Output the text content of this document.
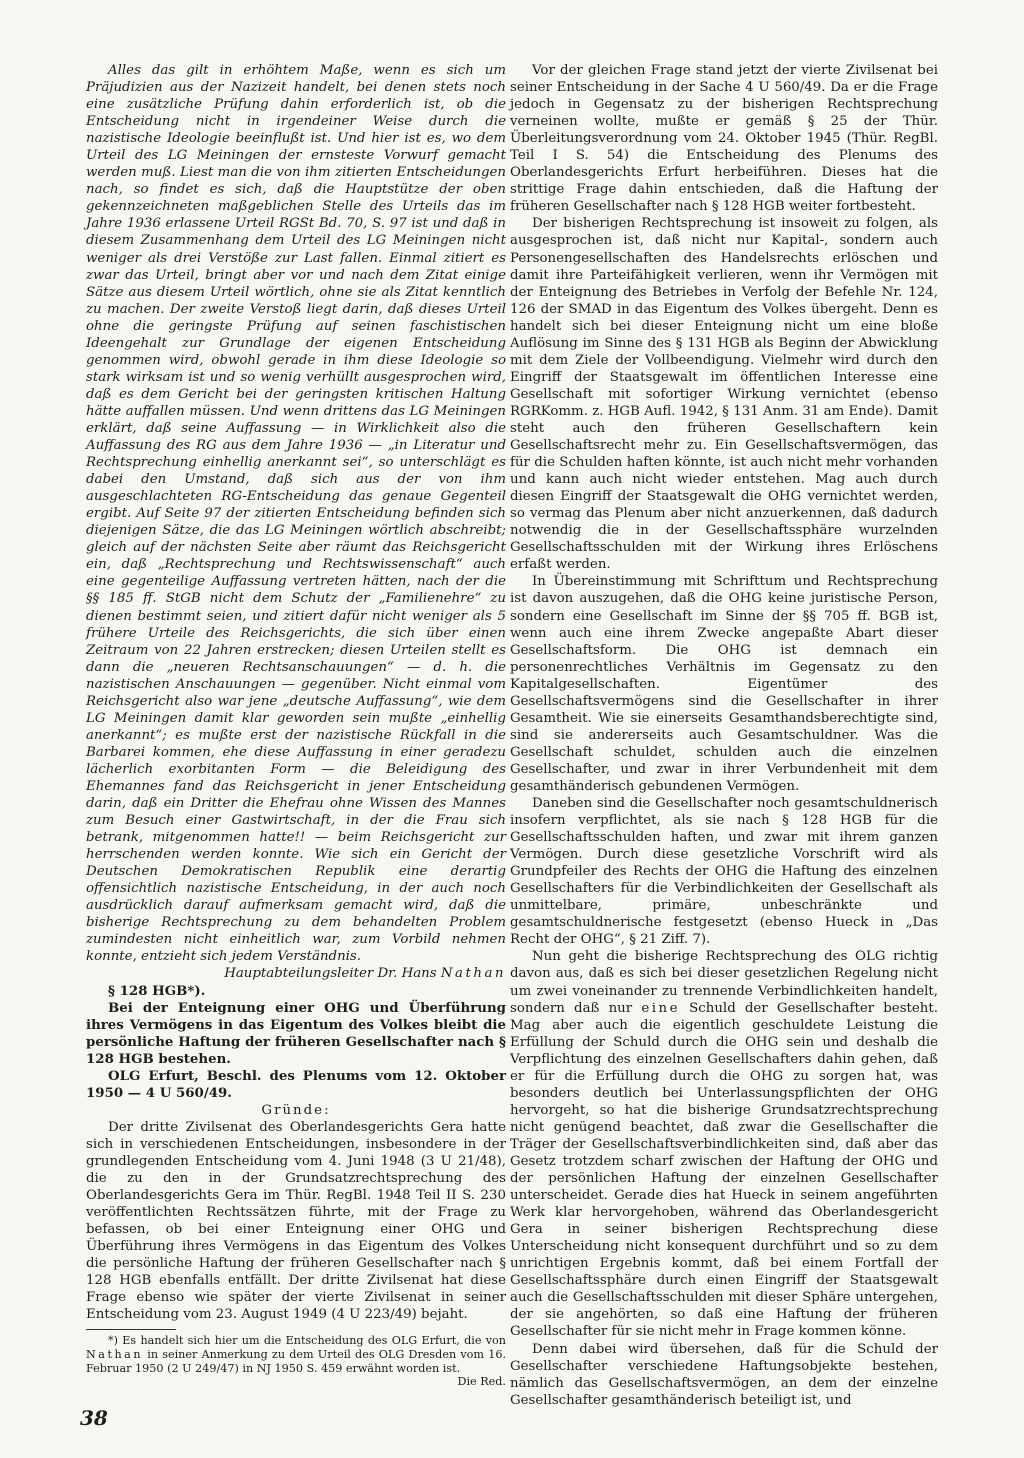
Alles das gilt in erhöhtem Maße, wenn es sich um Präjudizien aus der Nazizeit handelt, bei denen stets noch eine zusätzliche Prüfung dahin erforderlich ist, ob die Entscheidung nicht in irgendeiner Weise durch die nazistische Ideologie beeinflußt ist. Und hier ist es, wo dem Urteil des LG Meiningen der ernsteste Vorwurf gemacht werden muß. Liest man die von ihm zitierten Entscheidungen nach, so findet es sich, daß die Hauptstütze der oben gekennzeichneten maßgeblichen Stelle des Urteils das im Jahre 1936 erlassene Urteil RGSt Bd. 70, S. 97 ist und daß in diesem Zusammenhang dem Urteil des LG Meiningen nicht weniger als drei Verstöße zur Last fallen. Einmal zitiert es zwar das Urteil, bringt aber vor und nach dem Zitat einige Sätze aus diesem Urteil wörtlich, ohne sie als Zitat kenntlich zu machen. Der zweite Verstoß liegt darin, daß dieses Urteil ohne die geringste Prüfung auf seinen faschistischen Ideengehalt zur Grundlage der eigenen Entscheidung genommen wird, obwohl gerade in ihm diese Ideologie so stark wirksam ist und so wenig verhüllt ausgesprochen wird, daß es dem Gericht bei der geringsten kritischen Haltung hätte auffallen müssen. Und wenn drittens das LG Meiningen erklärt, daß seine Auffassung — in Wirklichkeit also die Auffassung des RG aus dem Jahre 1936 — „in Literatur und Rechtsprechung einhellig anerkannt sei“, so unterschlägt es dabei den Umstand, daß sich aus der von ihm ausgeschlachteten RG-Entscheidung das genaue Gegenteil ergibt. Auf Seite 97 der zitierten Entscheidung befinden sich diejenigen Sätze, die das LG Meiningen wörtlich abschreibt; gleich auf der nächsten Seite aber räumt das Reichsgericht ein, daß „Rechtsprechung und Rechtswissenschaft“ auch eine gegenteilige Auffassung vertreten hätten, nach der die §§ 185 ff. StGB nicht dem Schutz der „Familienehre“ zu dienen bestimmt seien, und zitiert dafür nicht weniger als 5 frühere Urteile des Reichsgerichts, die sich über einen Zeitraum von 22 Jahren erstrecken; diesen Urteilen stellt es dann die „neueren Rechtsanschauungen“ — d. h. die nazistischen Anschauungen — gegenüber. Nicht einmal vom Reichsgericht also war jene „deutsche Auffassung“, wie dem LG Meiningen damit klar geworden sein mußte „einhellig anerkannt“; es mußte erst der nazistische Rückfall in die Barbarei kommen, ehe diese Auffassung in einer geradezu lächerlich exorbitanten Form — die Beleidigung des Ehemannes fand das Reichsgericht in jener Entscheidung darin, daß ein Dritter die Ehefrau ohne Wissen des Mannes zum Besuch einer Gastwirtschaft, in der die Frau sich betrank, mitgenommen hatte!! — beim Reichsgericht zur herrschenden werden konnte. Wie sich ein Gericht der Deutschen Demokratischen Republik eine derartig offensichtlich nazistische Entscheidung, in der auch noch ausdrücklich darauf aufmerksam gemacht wird, daß die bisherige Rechtsprechung zu dem behandelten Problem zumindesten nicht einheitlich war, zum Vorbild nehmen konnte, entzieht sich jedem Verständnis.

Hauptabteilungsleiter Dr. Hans Nathan

§ 128 HGB*).

Bei der Enteignung einer OHG und Überführung ihres Vermögens in das Eigentum des Volkes bleibt die persönliche Haftung der früheren Gesellschafter nach § 128 HGB bestehen.

OLG Erfurt, Beschl. des Plenums vom 12. Oktober 1950 — 4 U 560/49.

Gründe:

Der dritte Zivilsenat des Oberlandesgerichts Gera hatte sich in verschiedenen Entscheidungen, insbesondere in der grundlegenden Entscheidung vom 4. Juni 1948 (3 U 21/48), die zu den in der Grundsatzrechtsprechung des Oberlandesgerichts Gera im Thür. RegBl. 1948 Teil II S. 230 veröffentlichten Rechtssätzen führte, mit der Frage zu befassen, ob bei einer Enteignung einer OHG und Überführung ihres Vermögens in das Eigentum des Volkes die persönliche Haftung der früheren Gesellschafter nach § 128 HGB ebenfalls entfällt. Der dritte Zivilsenat hat diese Frage ebenso wie später der vierte Zivilsenat in seiner Entscheidung vom 23. August 1949 (4 U 223/49) bejaht.

*) Es handelt sich hier um die Entscheidung des OLG Erfurt, die von Nathan in seiner Anmerkung zu dem Urteil des OLG Dresden vom 16. Februar 1950 (2 U 249/47) in NJ 1950 S. 459 erwähnt worden ist.
Die Red.

Vor der gleichen Frage stand jetzt der vierte Zivilsenat bei seiner Entscheidung in der Sache 4 U 560/49. Da er die Frage jedoch in Gegensatz zu der bisherigen Rechtsprechung verneinen wollte, mußte er gemäß § 25 der Thür. Überleitungsverordnung vom 24. Oktober 1945 (Thür. RegBl. Teil I S. 54) die Entscheidung des Plenums des Oberlandesgerichts Erfurt herbeiführen. Dieses hat die strittige Frage dahin entschieden, daß die Haftung der früheren Gesellschafter nach § 128 HGB weiter fortbesteht.

Der bisherigen Rechtsprechung ist insoweit zu folgen, als ausgesprochen ist, daß nicht nur Kapital-, sondern auch Personengesellschaften des Handelsrechts erlöschen und damit ihre Parteifähigkeit verlieren, wenn ihr Vermögen mit der Enteignung des Betriebes in Verfolg der Befehle Nr. 124, 126 der SMAD in das Eigentum des Volkes übergeht. Denn es handelt sich bei dieser Enteignung nicht um eine bloße Auflösung im Sinne des § 131 HGB als Beginn der Abwicklung mit dem Ziele der Vollbeendigung. Vielmehr wird durch den Eingriff der Staatsgewalt im öffentlichen Interesse eine Gesellschaft mit sofortiger Wirkung vernichtet (ebenso RGRKomm. z. HGB Aufl. 1942, § 131 Anm. 31 am Ende). Damit steht auch den früheren Gesellschaftern kein Gesellschaftsrecht mehr zu. Ein Gesellschaftsvermögen, das für die Schulden haften könnte, ist auch nicht mehr vorhanden und kann auch nicht wieder entstehen. Mag auch durch diesen Eingriff der Staatsgewalt die OHG vernichtet werden, so vermag das Plenum aber nicht anzuerkennen, daß dadurch notwendig die in der Gesellschaftssphäre wurzelnden Gesellschaftsschulden mit der Wirkung ihres Erlöschens erfaßt werden.

In Übereinstimmung mit Schrifttum und Rechtsprechung ist davon auszugehen, daß die OHG keine juristische Person, sondern eine Gesellschaft im Sinne der §§ 705 ff. BGB ist, wenn auch eine ihrem Zwecke angepaßte Abart dieser Gesellschaftsform. Die OHG ist demnach ein personenrechtliches Verhältnis im Gegensatz zu den Kapitalgesellschaften. Eigentümer des Gesellschaftsvermögens sind die Gesellschafter in ihrer Gesamtheit. Wie sie einerseits Gesamthandsberechtigte sind, sind sie andererseits auch Gesamtschuldner. Was die Gesellschaft schuldet, schulden auch die einzelnen Gesellschafter, und zwar in ihrer Verbundenheit mit dem gesamthänderisch gebundenen Vermögen.

Daneben sind die Gesellschafter noch gesamtschuldnerisch insofern verpflichtet, als sie nach § 128 HGB für die Gesellschaftsschulden haften, und zwar mit ihrem ganzen Vermögen. Durch diese gesetzliche Vorschrift wird als Grundpfeiler des Rechts der OHG die Haftung des einzelnen Gesellschafters für die Verbindlichkeiten der Gesellschaft als unmittelbare, primäre, unbeschränkte und gesamtschuldnerische festgesetzt (ebenso Hueck in „Das Recht der OHG“, § 21 Ziff. 7).

Nun geht die bisherige Rechtsprechung des OLG richtig davon aus, daß es sich bei dieser gesetzlichen Regelung nicht um zwei voneinander zu trennende Verbindlichkeiten handelt, sondern daß nur eine Schuld der Gesellschafter besteht. Mag aber auch die eigentlich geschuldete Leistung die Erfüllung der Schuld durch die OHG sein und deshalb die Verpflichtung des einzelnen Gesellschafters dahin gehen, daß er für die Erfüllung durch die OHG zu sorgen hat, was besonders deutlich bei Unterlassungspflichten der OHG hervorgeht, so hat die bisherige Grundsatzrechtsprechung nicht genügend beachtet, daß zwar die Gesellschafter die Träger der Gesellschaftsverbindlichkeiten sind, daß aber das Gesetz trotzdem scharf zwischen der Haftung der OHG und der persönlichen Haftung der einzelnen Gesellschafter unterscheidet. Gerade dies hat Hueck in seinem angeführten Werk klar hervorgehoben, während das Oberlandesgericht Gera in seiner bisherigen Rechtsprechung diese Unterscheidung nicht konsequent durchführt und so zu dem unrichtigen Ergebnis kommt, daß bei einem Fortfall der Gesellschaftssphäre durch einen Eingriff der Staatsgewalt auch die Gesellschaftsschulden mit dieser Sphäre untergehen, der sie angehörten, so daß eine Haftung der früheren Gesellschafter für sie nicht mehr in Frage kommen könne.

Denn dabei wird übersehen, daß für die Schuld der Gesellschafter verschiedene Haftungsobjekte bestehen, nämlich das Gesellschaftsvermögen, an dem der einzelne Gesellschafter gesamthänderisch beteiligt ist, und

38
